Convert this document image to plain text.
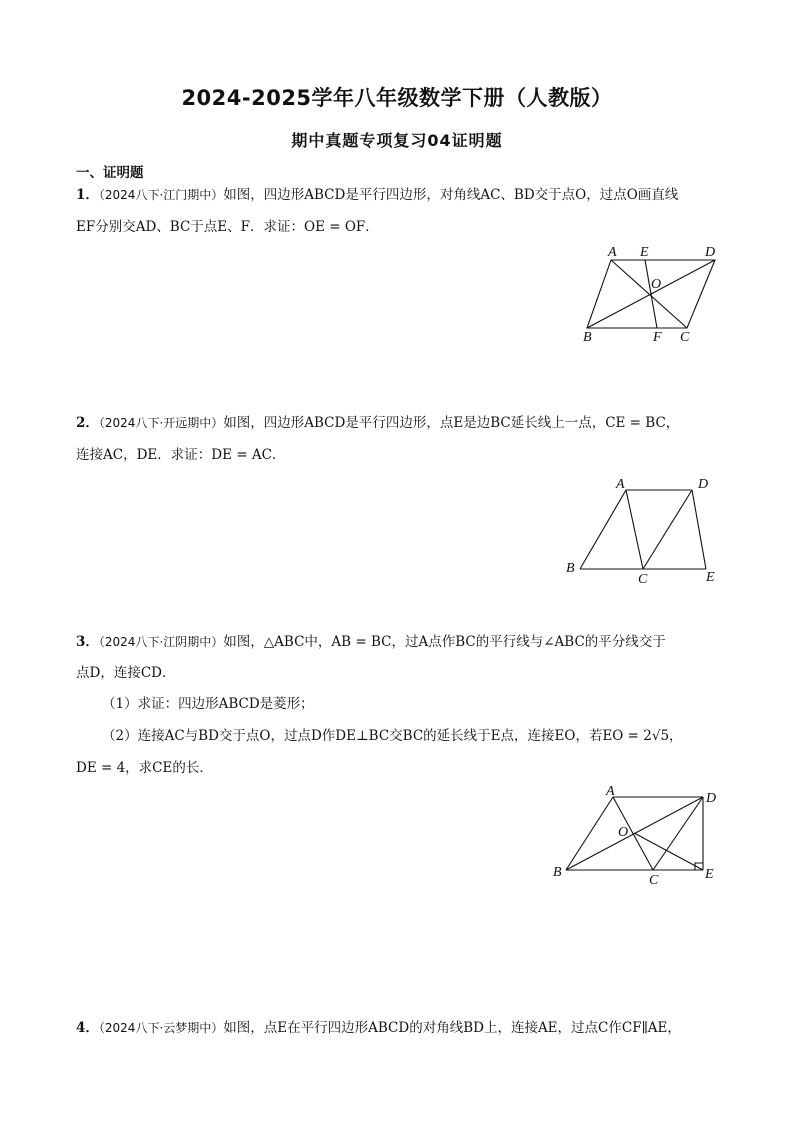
2024-2025学年八年级数学下册（人教版）
期中真题专项复习04证明题
一、证明题
1．（2024八下·江门期中）如图，四边形ABCD是平行四边形，对角线AC、BD交于点O，过点O画直线
EF分别交AD、BC于点E、F．求证：OE = OF．
A E	D
O
B	F C
2．（2024八下·开远期中）如图，四边形ABCD是平行四边形，点E是边BC延长线上一点，CE = BC，
连接AC，DE．求证：DE = AC．
A	D
B
C	E
3．（2024八下·江阴期中）如图，△ABC中，AB = BC，过A点作BC的平行线与∠ABC的平分线交于
点D，连接CD．
（1）求证：四边形ABCD是菱形；
（2）连接AC与BD交于点O，过点D作DE⊥BC交BC的延长线于E点，连接EO，若EO = 2√5，
DE = 4，求CE的长．
A	D
O
B
C	E
4．（2024八下·云梦期中）如图，点E在平行四边形ABCD的对角线BD上，连接AE，过点C作CF∥AE，
